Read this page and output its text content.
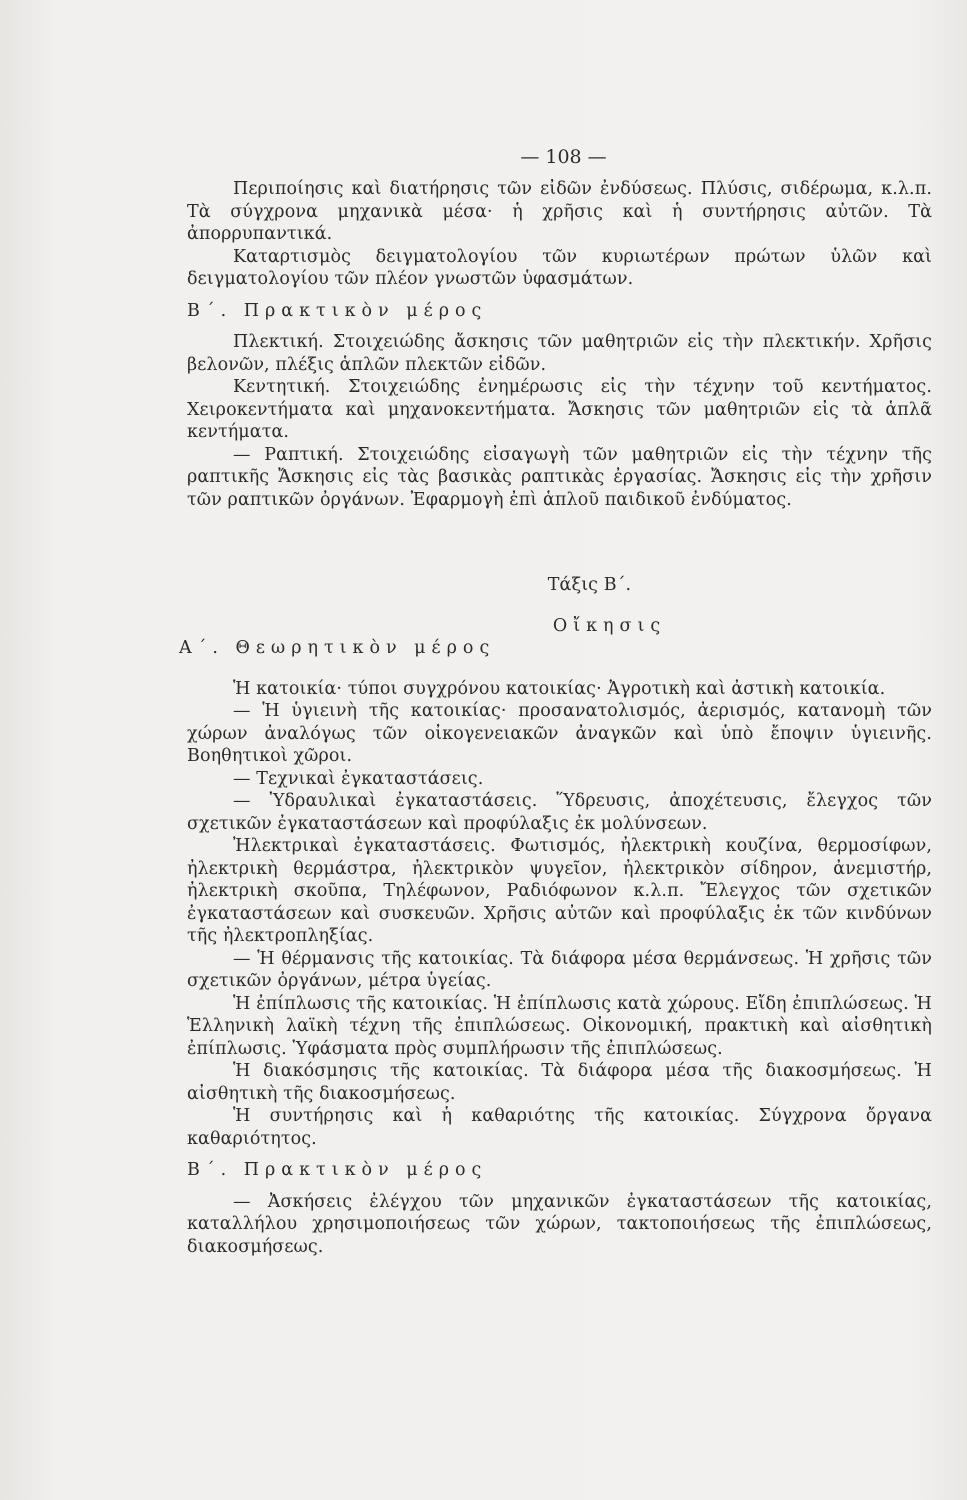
— 108 —

Περιποίησις καὶ διατήρησις τῶν εἰδῶν ἐνδύσεως. Πλύσις, σιδέρωμα, κ.λ.π. Τὰ σύγχρονα μηχανικὰ μέσα· ἡ χρῆσις καὶ ἡ συντήρησις αὐτῶν. Τὰ ἀπορρυπαντικά.

Καταρτισμὸς δειγματολογίου τῶν κυριωτέρων πρώτων ὑλῶν καὶ δειγματολογίου τῶν πλέον γνωστῶν ὑφασμάτων.

Β΄. Πρακτικὸν μέρος

Πλεκτική. Στοιχειώδης ἄσκησις τῶν μαθητριῶν εἰς τὴν πλεκτικήν. Χρῆσις βελονῶν, πλέξις ἁπλῶν πλεκτῶν εἰδῶν.

Κεντητική. Στοιχειώδης ἐνημέρωσις εἰς τὴν τέχνην τοῦ κεντήματος. Χειροκεντήματα καὶ μηχανοκεντήματα. Ἄσκησις τῶν μαθητριῶν εἰς τὰ ἁπλᾶ κεντήματα.

— Ραπτική. Στοιχειώδης εἰσαγωγὴ τῶν μαθητριῶν εἰς τὴν τέχνην τῆς ραπτικῆς Ἄσκησις εἰς τὰς βασικὰς ραπτικὰς ἐργασίας. Ἄσκησις εἰς τὴν χρῆσιν τῶν ραπτικῶν ὀργάνων. Ἐφαρμογὴ ἐπὶ ἁπλοῦ παιδικοῦ ἐνδύματος.

Τάξις Β΄.

Οἴκησις

Α΄. Θεωρητικὸν μέρος

Ἡ κατοικία· τύποι συγχρόνου κατοικίας· Ἀγροτικὴ καὶ ἀστικὴ κατοικία.

— Ἡ ὑγιεινὴ τῆς κατοικίας· προσανατολισμός, ἀερισμός, κατανομὴ τῶν χώρων ἀναλόγως τῶν οἰκογενειακῶν ἀναγκῶν καὶ ὑπὸ ἔποψιν ὑγιεινῆς. Βοηθητικοὶ χῶροι.

— Τεχνικαὶ ἐγκαταστάσεις.

— Ὑδραυλικαὶ ἐγκαταστάσεις. Ὕδρευσις, ἀποχέτευσις, ἔλεγχος τῶν σχετικῶν ἐγκαταστάσεων καὶ προφύλαξις ἐκ μολύνσεων.

Ἠλεκτρικαὶ ἐγκαταστάσεις. Φωτισμός, ἠλεκτρικὴ κουζίνα, θερμοσίφων, ἠλεκτρικὴ θερμάστρα, ἠλεκτρικὸν ψυγεῖον, ἠλεκτρικὸν σίδηρον, ἀνεμιστήρ, ἠλεκτρικὴ σκοῦπα, Τηλέφωνον, Ραδιόφωνον κ.λ.π. Ἔλεγχος τῶν σχετικῶν ἐγκαταστάσεων καὶ συσκευῶν. Χρῆσις αὐτῶν καὶ προφύλαξις ἐκ τῶν κινδύνων τῆς ἠλεκτροπληξίας.

— Ἡ θέρμανσις τῆς κατοικίας. Τὰ διάφορα μέσα θερμάνσεως. Ἡ χρῆσις τῶν σχετικῶν ὀργάνων, μέτρα ὑγείας.

Ἡ ἐπίπλωσις τῆς κατοικίας. Ἡ ἐπίπλωσις κατὰ χώρους. Εἴδη ἐπιπλώσεως. Ἡ Ἑλληνικὴ λαϊκὴ τέχνη τῆς ἐπιπλώσεως. Οἰκονομική, πρακτικὴ καὶ αἰσθητικὴ ἐπίπλωσις. Ὑφάσματα πρὸς συμπλήρωσιν τῆς ἐπιπλώσεως.

Ἡ διακόσμησις τῆς κατοικίας. Τὰ διάφορα μέσα τῆς διακοσμήσεως. Ἡ αἰσθητικὴ τῆς διακοσμήσεως.

Ἡ συντήρησις καὶ ἡ καθαριότης τῆς κατοικίας. Σύγχρονα ὄργανα καθαριότητος.

Β΄. Πρακτικὸν μέρος

— Ἀσκήσεις ἐλέγχου τῶν μηχανικῶν ἐγκαταστάσεων τῆς κατοικίας, καταλλήλου χρησιμοποιήσεως τῶν χώρων, τακτοποιήσεως τῆς ἐπιπλώσεως, διακοσμήσεως.
